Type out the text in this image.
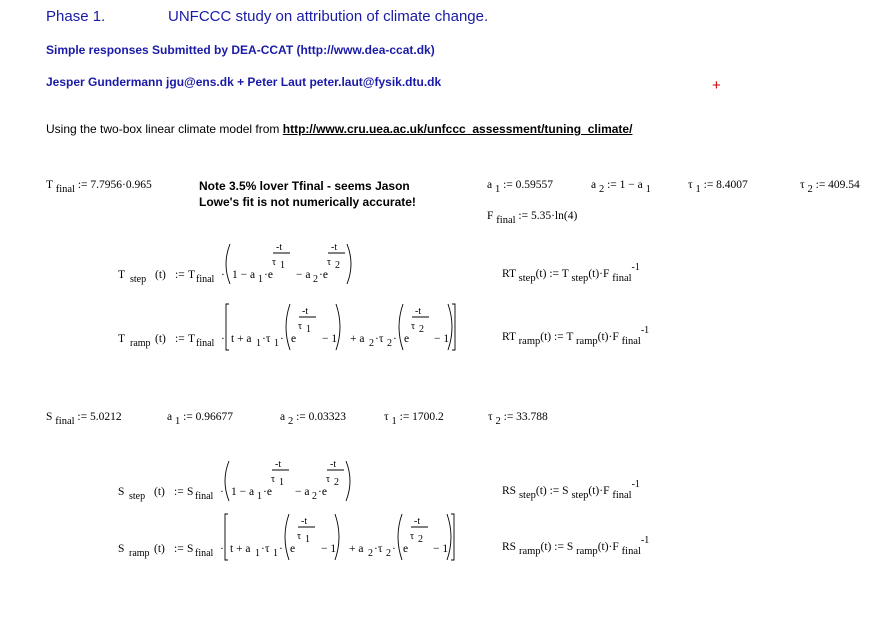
Phase 1.	UNFCCC study on attribution of climate change.
Simple responses Submitted by DEA-CCAT (http://www.dea-ccat.dk)
Jesper Gundermann jgu@ens.dk + Peter Laut peter.laut@fysik.dtu.dk	+
Using the two-box linear climate model from http://www.cru.uea.ac.uk/unfccc_assessment/tuning_climate/
T final := 7.7956·0.965	Note 3.5% lover Tfinal - seems Jason Lowe's fit is not numerically accurate!
a 1 := 0.59557	a 2 := 1 − a 1	τ 1 := 8.4007	τ 2 := 409.54
F final := 5.35·ln(4)
T step (t) := T final · 1 − a 1 ·e
-t
τ 1
− a 2 ·e
-t
τ 2
T ramp (t) := T final · t + a 1 ·τ 1 · e
-t
τ 1
− 1 + a 2 ·τ 2 · e
-t
τ 2
− 1
RT step(t) := T step(t)·F final-1
RT ramp(t) := T ramp(t)·F final-1
S final := 5.0212	a 1 := 0.96677	a 2 := 0.03323	τ 1 := 1700.2	τ 2 := 33.788
S step (t) := S final · 1 − a 1 ·e
-t
τ 1
− a 2 ·e
-t
τ 2
S ramp (t) := S final · t + a 1 ·τ 1 · e
-t
τ 1
− 1 + a 2 ·τ 2 · e
-t
τ 2
− 1
RS step(t) := S step(t)·F final-1
RS ramp(t) := S ramp(t)·F final-1
